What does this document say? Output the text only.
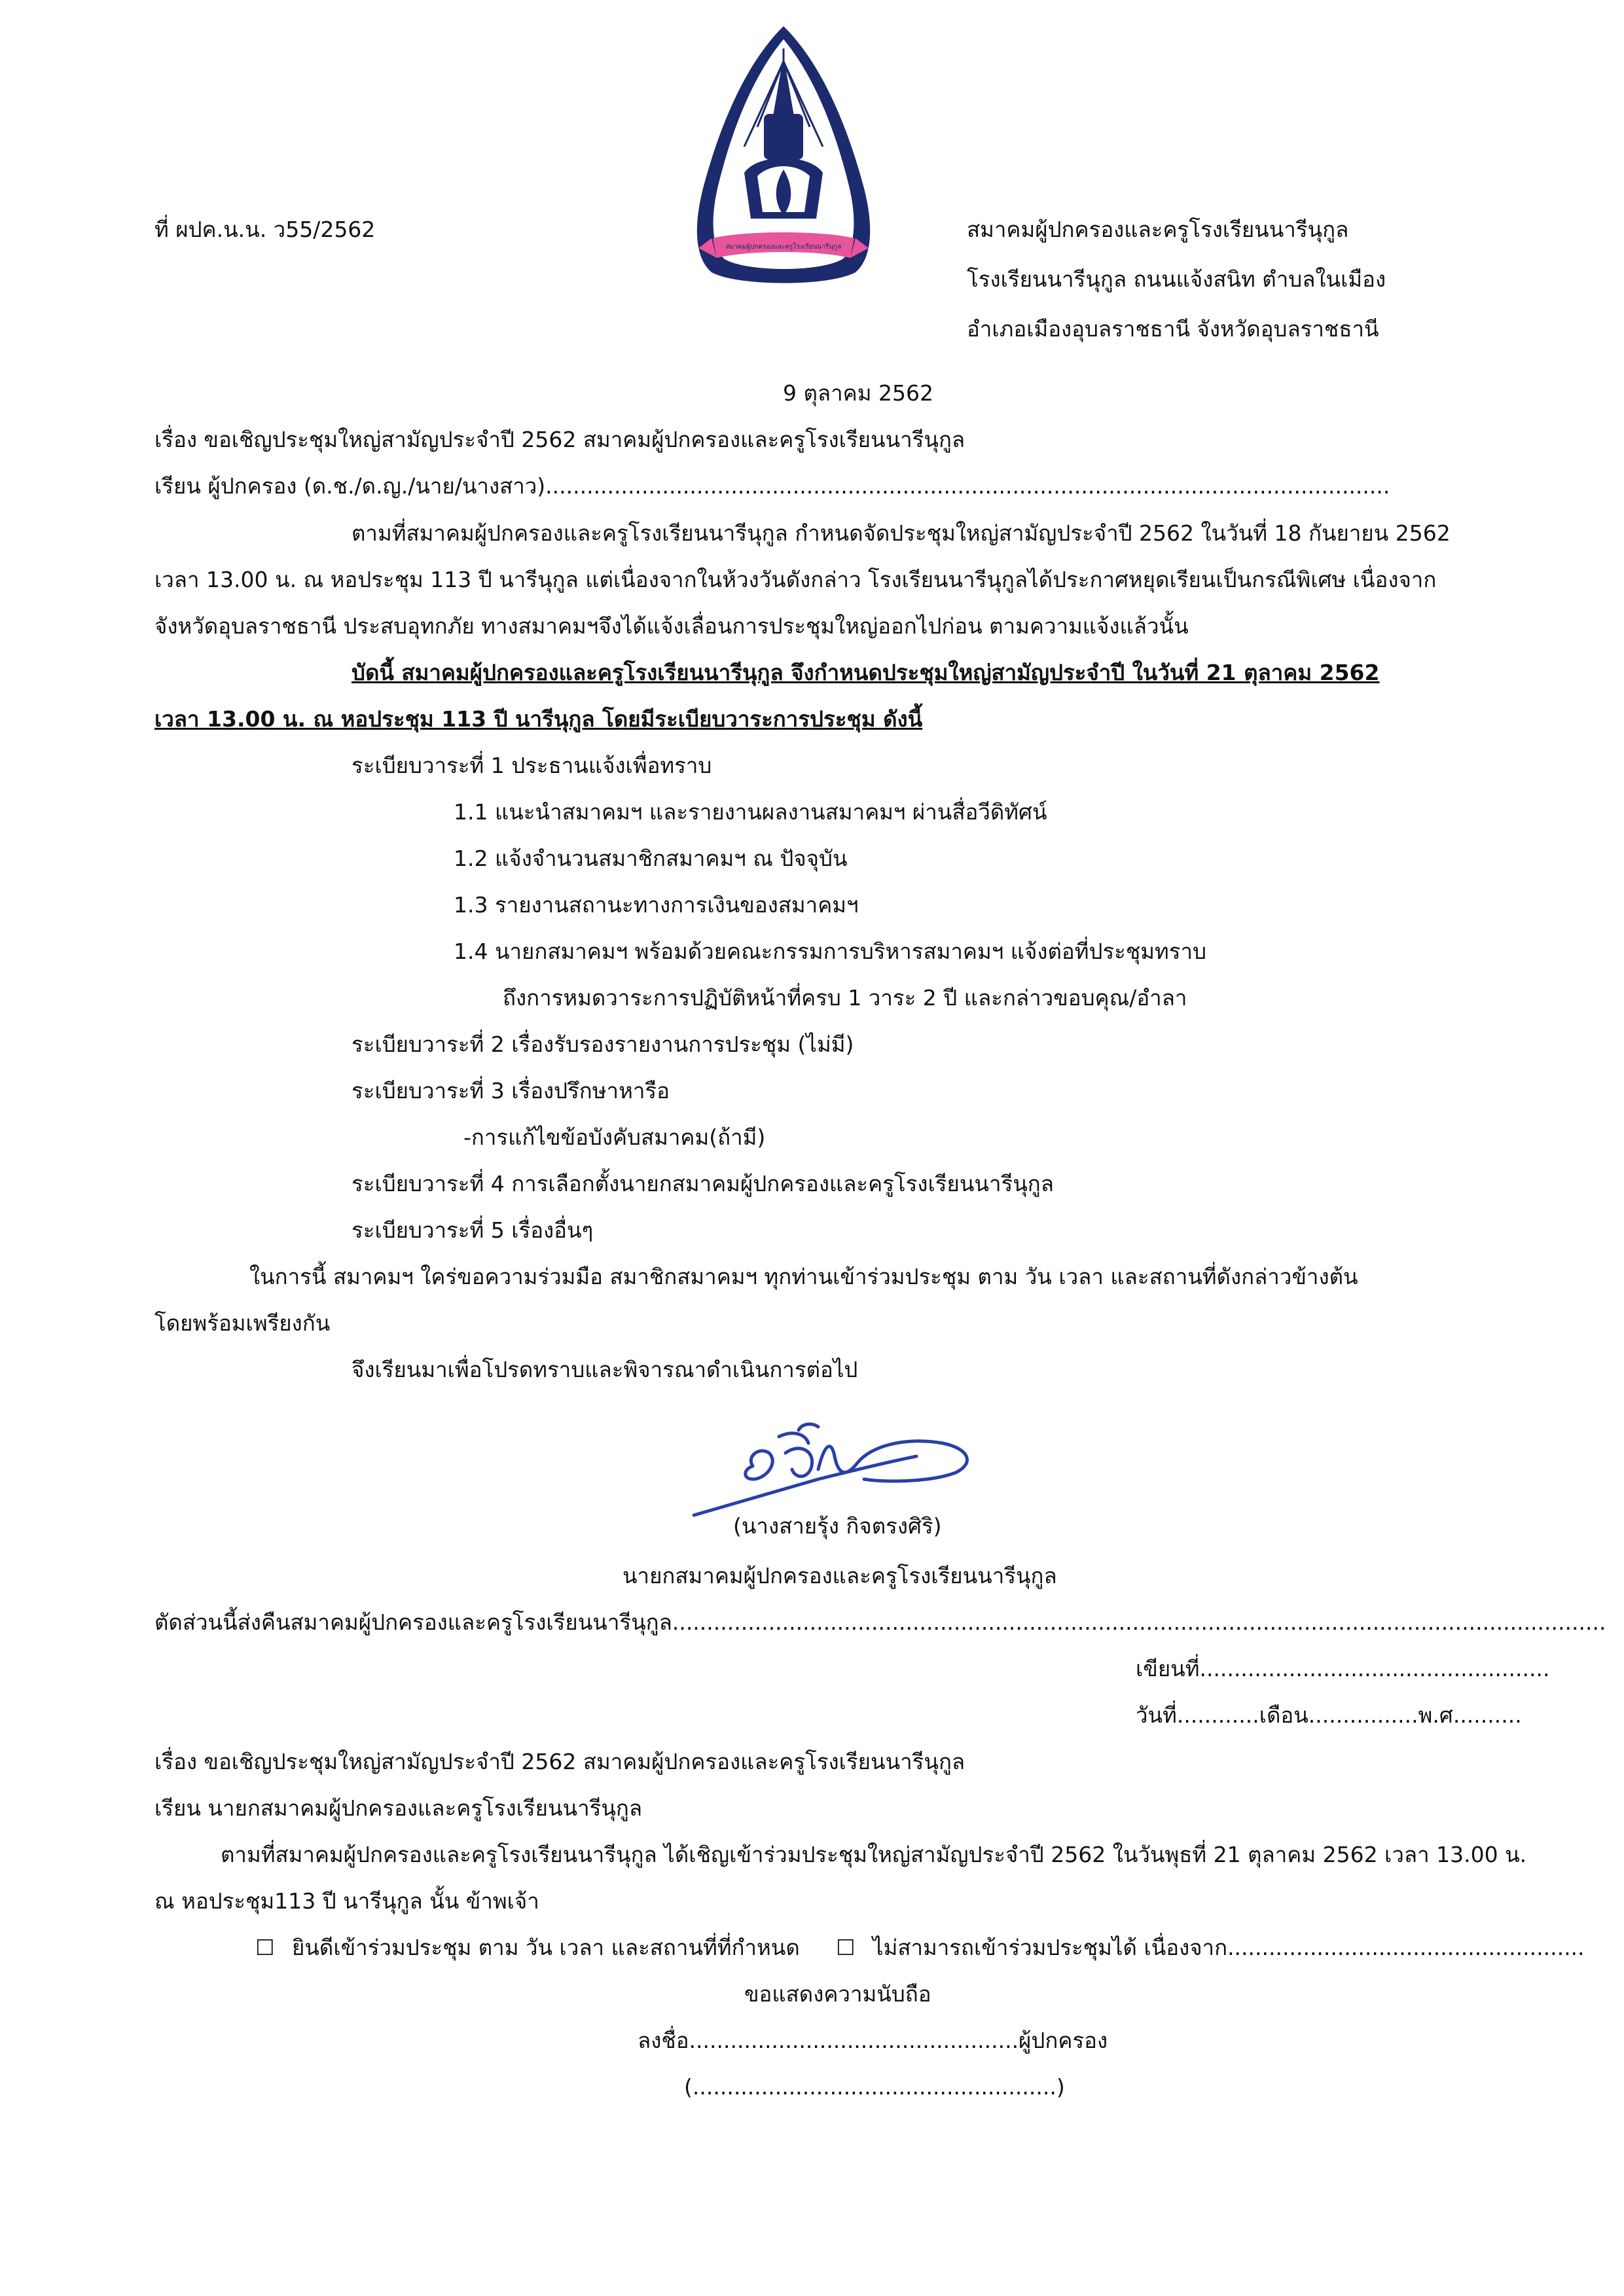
สมาคมผู้ปกครองและครูโรงเรียนนารีนุกูล
ที่ ผปค.น.น. ว55/2562	สมาคมผู้ปกครองและครูโรงเรียนนารีนุกูล
โรงเรียนนารีนุกูล ถนนแจ้งสนิท ตำบลในเมือง
อำเภอเมืองอุบลราชธานี จังหวัดอุบลราชธานี
9 ตุลาคม 2562
เรื่อง ขอเชิญประชุมใหญ่สามัญประจำปี 2562 สมาคมผู้ปกครองและครูโรงเรียนนารีนุกูล
เรียน ผู้ปกครอง (ด.ช./ด.ญ./นาย/นางสาว)...........................................................................................................................
ตามที่สมาคมผู้ปกครองและครูโรงเรียนนารีนุกูล กำหนดจัดประชุมใหญ่สามัญประจำปี 2562 ในวันที่ 18 กันยายน 2562
เวลา 13.00 น. ณ หอประชุม 113 ปี นารีนุกูล แต่เนื่องจากในห้วงวันดังกล่าว โรงเรียนนารีนุกูลได้ประกาศหยุดเรียนเป็นกรณีพิเศษ เนื่องจาก
จังหวัดอุบลราชธานี ประสบอุทกภัย ทางสมาคมฯจึงได้แจ้งเลื่อนการประชุมใหญ่ออกไปก่อน ตามความแจ้งแล้วนั้น
บัดนี้ สมาคมผู้ปกครองและครูโรงเรียนนารีนุกูล จึงกำหนดประชุมใหญ่สามัญประจำปี ในวันที่ 21 ตุลาคม 2562
เวลา 13.00 น. ณ หอประชุม 113 ปี นารีนุกูล โดยมีระเบียบวาระการประชุม ดังนี้
ระเบียบวาระที่ 1 ประธานแจ้งเพื่อทราบ
1.1 แนะนำสมาคมฯ และรายงานผลงานสมาคมฯ ผ่านสื่อวีดิทัศน์
1.2 แจ้งจำนวนสมาชิกสมาคมฯ ณ ปัจจุบัน
1.3 รายงานสถานะทางการเงินของสมาคมฯ
1.4 นายกสมาคมฯ พร้อมด้วยคณะกรรมการบริหารสมาคมฯ แจ้งต่อที่ประชุมทราบ
ถึงการหมดวาระการปฏิบัติหน้าที่ครบ 1 วาระ 2 ปี และกล่าวขอบคุณ/อำลา
ระเบียบวาระที่ 2 เรื่องรับรองรายงานการประชุม (ไม่มี)
ระเบียบวาระที่ 3 เรื่องปรึกษาหารือ
-การแก้ไขข้อบังคับสมาคม(ถ้ามี)
ระเบียบวาระที่ 4 การเลือกตั้งนายกสมาคมผู้ปกครองและครูโรงเรียนนารีนุกูล
ระเบียบวาระที่ 5 เรื่องอื่นๆ
ในการนี้ สมาคมฯ ใคร่ขอความร่วมมือ สมาชิกสมาคมฯ ทุกท่านเข้าร่วมประชุม ตาม วัน เวลา และสถานที่ดังกล่าวข้างต้น
โดยพร้อมเพรียงกัน
จึงเรียนมาเพื่อโปรดทราบและพิจารณาดำเนินการต่อไป
(นางสายรุ้ง กิจตรงศิริ)
นายกสมาคมผู้ปกครองและครูโรงเรียนนารีนุกูล
ตัดส่วนนี้ส่งคืนสมาคมผู้ปกครองและครูโรงเรียนนารีนุกูล........................................................................................................................................
เขียนที่...................................................
วันที่............เดือน................พ.ศ..........
เรื่อง ขอเชิญประชุมใหญ่สามัญประจำปี 2562 สมาคมผู้ปกครองและครูโรงเรียนนารีนุกูล
เรียน นายกสมาคมผู้ปกครองและครูโรงเรียนนารีนุกูล
ตามที่สมาคมผู้ปกครองและครูโรงเรียนนารีนุกูล ได้เชิญเข้าร่วมประชุมใหญ่สามัญประจำปี 2562 ในวันพุธที่ 21 ตุลาคม 2562 เวลา 13.00 น.
ณ หอประชุม113 ปี นารีนุกูล นั้น ข้าพเจ้า
☐ ยินดีเข้าร่วมประชุม ตาม วัน เวลา และสถานที่ที่กำหนด ☐ ไม่สามารถเข้าร่วมประชุมได้ เนื่องจาก....................................................
ขอแสดงความนับถือ
ลงชื่อ................................................ผู้ปกครอง
(.....................................................)
